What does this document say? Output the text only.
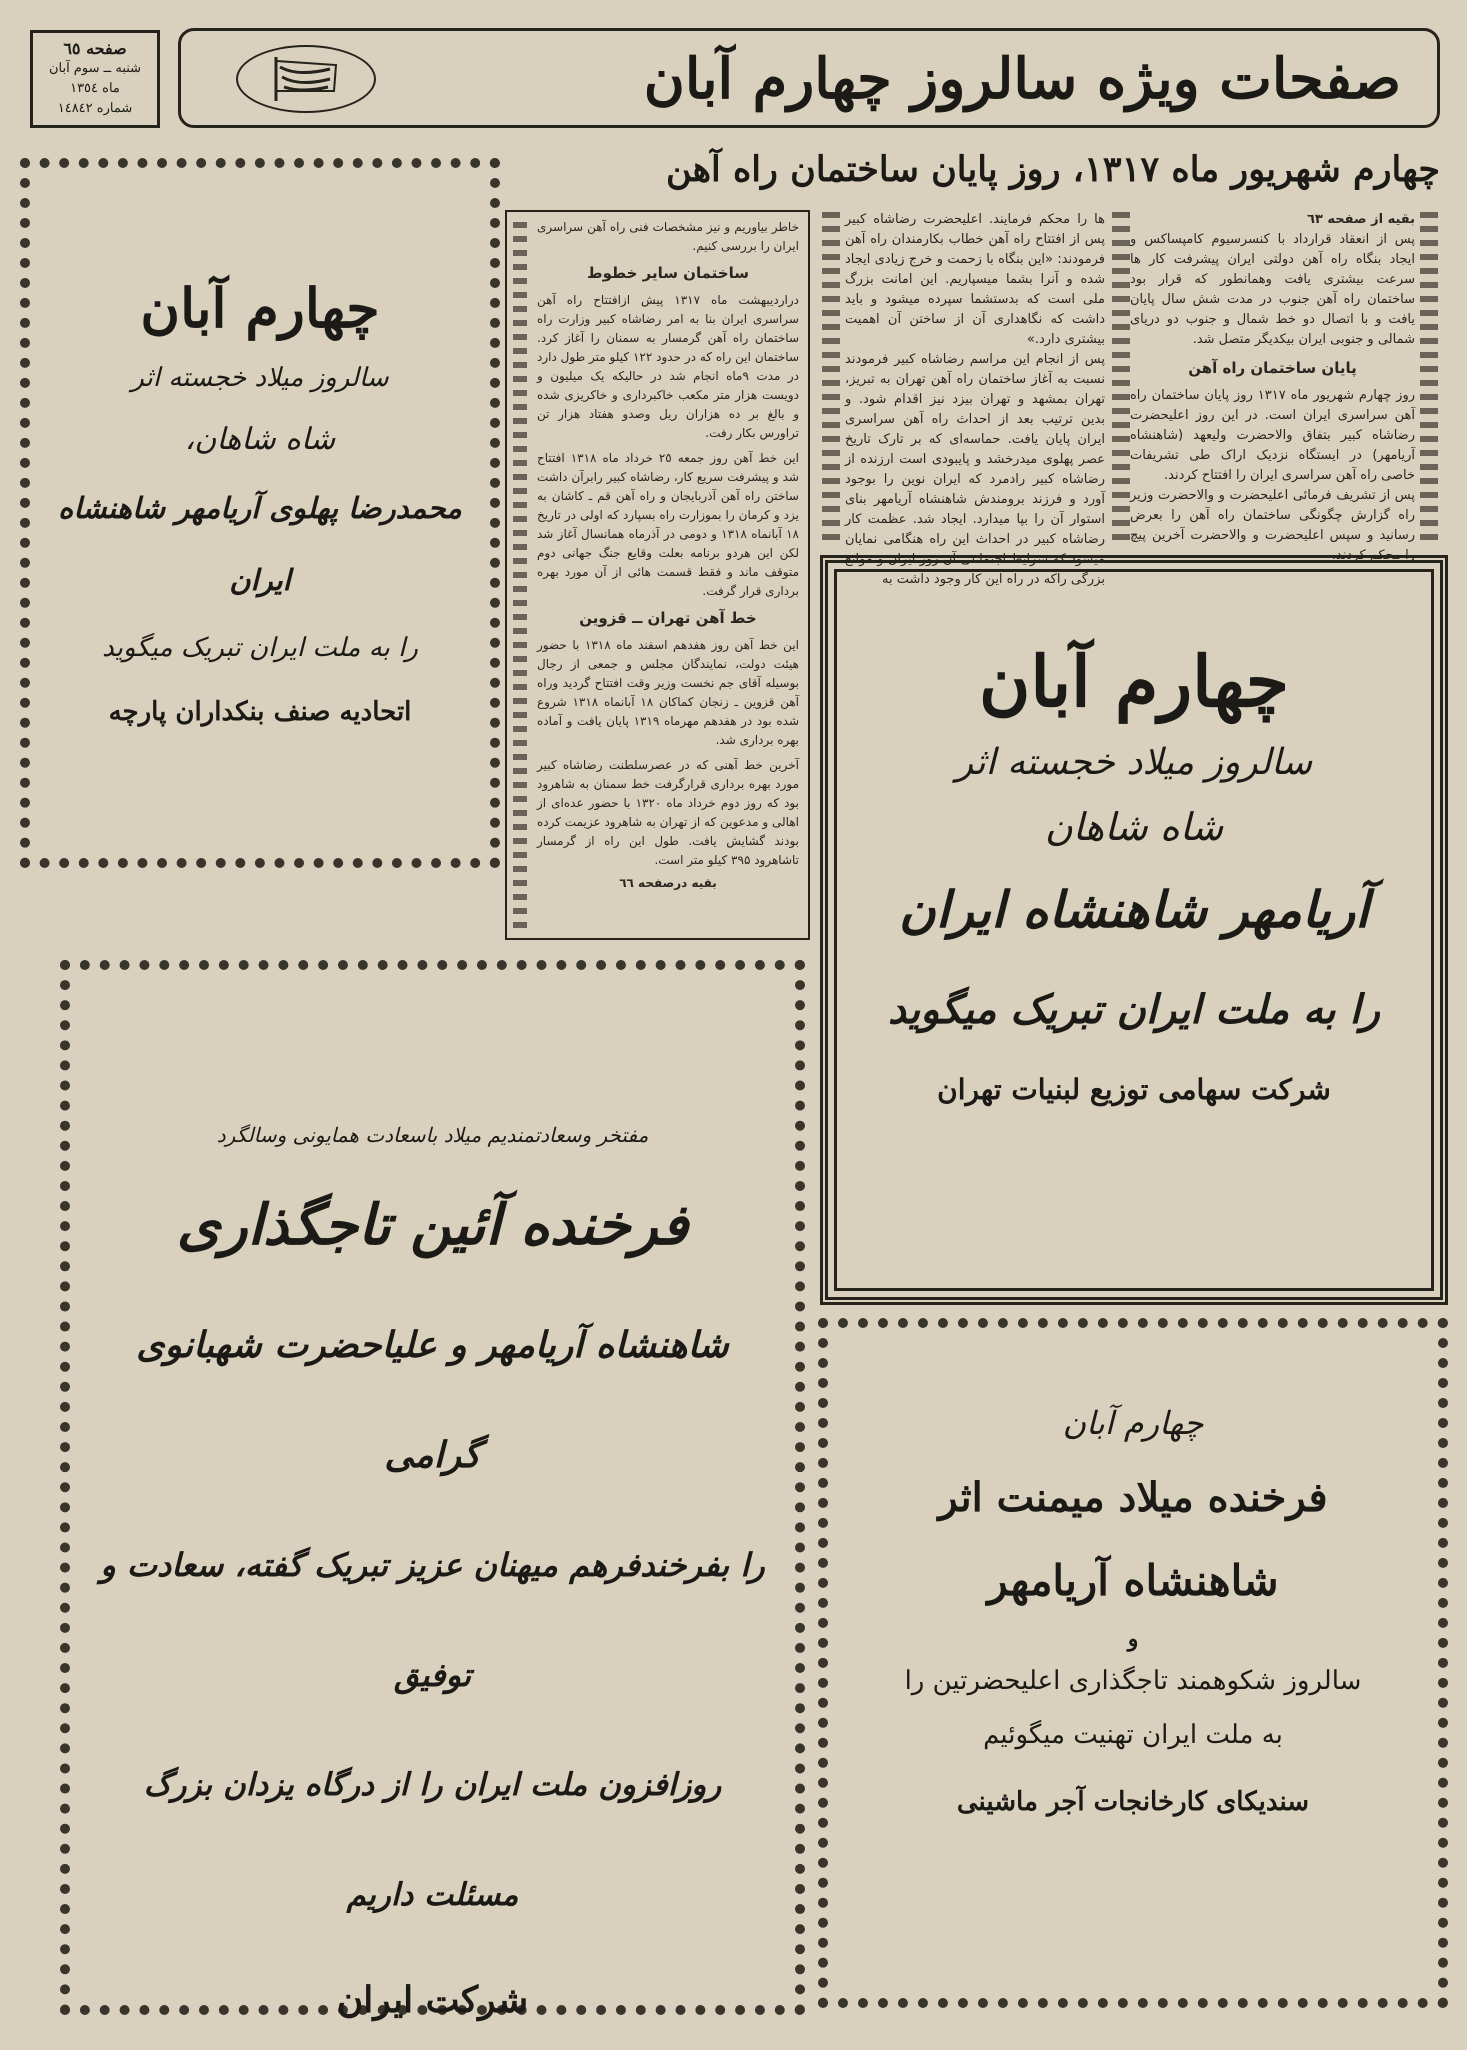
صفحه ٦٥
شنبه ــ سوم آبان
ماه ١٣٥٤
شماره ١٤٨٤٢	صفحات ویژه سالروز چهارم آبان
چهارم شهریور ماه ۱۳۱۷، روز پایان ساختمان راه آهن
بقیه از صفحه ٦٣
پس از انعقاد قرارداد با کنسرسیوم کامپساکس و ایجاد بنگاه راه آهن دولتی ایران پیشرفت کار ها سرعت بیشتری یافت وهمانطور که قرار بود ساختمان راه آهن جنوب در مدت شش سال پایان یافت و با اتصال دو خط شمال و جنوب دو دریای شمالی و جنوبی ایران بیکدیگر متصل شد.
پایان ساختمان راه آهن
روز چهارم شهریور ماه ۱۳۱۷ روز پایان ساختمان راه آهن سراسری ایران است. در این روز اعلیحضرت رضاشاه کبیر بتفاق والاحضرت ولیعهد (شاهنشاه آریامهر) در ایستگاه نزدیک اراک طی تشریفات خاصی راه آهن سراسری ایران را افتتاح کردند.
پس از تشریف فرمائی اعلیحضرت و والاحضرت وزیر راه گزارش چگونگی ساختمان راه آهن را بعرض رسانید و سپس اعلیحضرت و والاحضرت آخرین پیچ را محکم کردند.
ها را محکم فرمایند. اعلیحضرت رضاشاه کبیر پس از افتتاح راه آهن خطاب بکارمندان راه آهن فرمودند: «این بنگاه با زحمت و خرج زیادی ایجاد شده و آنرا بشما میسپاریم. این امانت بزرگ ملی است که بدستشما سپرده میشود و باید داشت که نگاهداری آن از ساختن آن اهمیت بیشتری دارد.»
پس از انجام این مراسم رضاشاه کبیر فرمودند نسبت به آغاز ساختمان راه آهن تهران به تبریز، تهران بمشهد و تهران بیزد نیز اقدام شود. و بدین ترتیب بعد از احداث راه آهن سراسری ایران پایان یافت. حماسه‌ای که بر تارک تاریخ عصر پهلوی میدرخشد و پایبودی است ارزنده از رضاشاه کبیر رادمرد که ایران نوین را بوجود آورد و فرزند برومندش شاهنشاه آریامهر بنای استوار آن را بپا میدارد. ایجاد شد. عظمت کار رضاشاه کبیر در احداث این راه هنگامی نمایان میشود که شرایط اجتماعی آن روز ایران و موانع بزرگی راکه در راه این کار وجود داشت به
خاطر بیاوریم و نیز مشخصات فنی راه آهن سراسری ایران را بررسی کنیم.
ساختمان سایر خطوط
دراردیبهشت ماه ۱۳۱۷ پیش ازافتتاح راه آهن سراسری ایران بنا به امر رضاشاه کبیر وزارت راه ساختمان راه آهن گرمسار به سمنان را آغاز کرد. ساختمان این راه که در حدود ۱۲۲ کیلو متر طول دارد در مدت ۹ماه انجام شد در حالیکه یک میلیون و دویست هزار متر مکعب خاکبرداری و خاکریزی شده و بالغ بر ده هزاران ریل وصدو هفتاد هزار تن تراورس بکار رفت.
این خط آهن روز جمعه ٢٥ خرداد ماه ۱۳۱۸ افتتاح شد و پیشرفت سریع کار، رضاشاه کبیر رابرآن داشت ساختن راه آهن آذربایجان و راه آهن قم ـ کاشان به یزد و کرمان را بموزارت راه بسپارد که اولی در تاریخ ۱۸ آبانماه ۱۳۱۸ و دومی در آذرماه همانسال آغاز شد لکن این هردو برنامه بعلت وقایع جنگ جهانی دوم متوقف ماند و فقط قسمت هائی از آن مورد بهره برداری قرار گرفت.
خط آهن تهران ــ قزوین
این خط آهن روز هفدهم اسفند ماه ۱۳۱۸ با حضور هیئت دولت، نمایندگان مجلس و جمعی از رجال بوسیله آقای جم نخست وزیر وقت افتتاح گردید وراه آهن قزوین ـ زنجان کماکان ۱۸ آبانماه ۱۳۱۸ شروع شده بود در هفدهم مهرماه ۱۳۱۹ پایان یافت و آماده بهره برداری شد.
آخرین خط آهنی که در عصرسلطنت رضاشاه کبیر مورد بهره برداری قرارگرفت خط سمنان به شاهرود بود که روز دوم خرداد ماه ۱۳۲۰ با حضور عده‌ای از اهالی و مدعوین که از تهران به شاهرود عزیمت کرده بودند گشایش یافت. طول این راه از گرمسار تاشاهرود ۳۹۵ کیلو متر است.
بقیه درصفحه ٦٦
چهارم آبان
سالروز میلاد خجسته اثر
شاه شاهان،
محمدرضا پهلوی آریامهر شاهنشاه ایران
را به ملت ایران تبریک میگوید
اتحادیه صنف بنکداران پارچه	چهارم آبان
سالروز میلاد خجسته اثر
شاه شاهان
آریامهر شاهنشاه ایران
را به ملت ایران تبریک میگوید
شرکت سهامی توزیع لبنیات تهران
مفتخر وسعادتمندیم میلاد باسعادت همایونی وسالگرد
فرخنده آئین تاجگذاری
شاهنشاه آریامهر و علیاحضرت شهبانوی گرامی
را بفرخندفرهم میهنان عزیز تبریک گفته، سعادت و توفیق
روزافزون ملت ایران را از درگاه یزدان بزرگ مسئلت داریم
شرکت ایران
چهارم آبان
فرخنده میلاد میمنت اثر
شاهنشاه آریامهر
و
سالروز شکوهمند تاجگذاری اعلیحضرتین را
به ملت ایران تهنیت میگوئیم
سندیکای کارخانجات آجر ماشینی
